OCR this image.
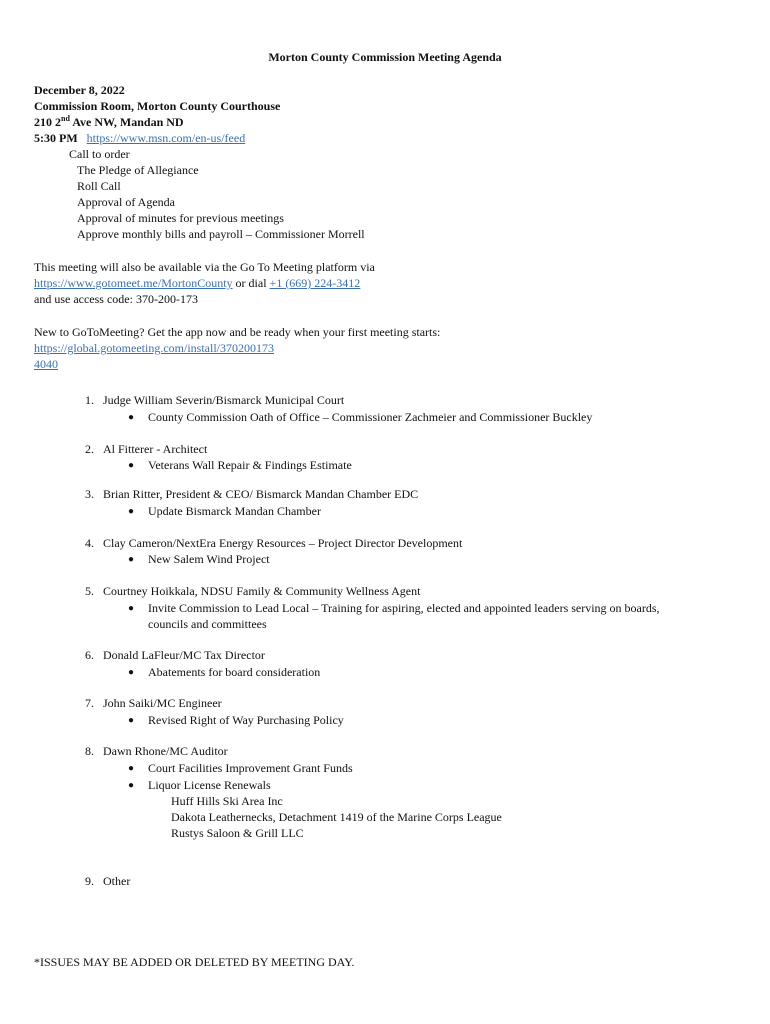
Morton County Commission Meeting Agenda
December 8, 2022
Commission Room, Morton County Courthouse
210 2nd Ave NW, Mandan ND
5:30 PM https://www.msn.com/en-us/feed
Call to order
The Pledge of Allegiance
Roll Call
Approval of Agenda
Approval of minutes for previous meetings
Approve monthly bills and payroll – Commissioner Morrell
This meeting will also be available via the Go To Meeting platform via
https://www.gotomeet.me/MortonCounty or dial +1 (669) 224-3412
and use access code: 370-200-173
New to GoToMeeting? Get the app now and be ready when your first meeting starts:
https://global.gotomeeting.com/install/370200173
4040
1. Judge William Severin/Bismarck Municipal Court
● County Commission Oath of Office – Commissioner Zachmeier and Commissioner Buckley
2. Al Fitterer - Architect
● Veterans Wall Repair & Findings Estimate
3. Brian Ritter, President & CEO/ Bismarck Mandan Chamber EDC
● Update Bismarck Mandan Chamber
4. Clay Cameron/NextEra Energy Resources – Project Director Development
● New Salem Wind Project
5. Courtney Hoikkala, NDSU Family & Community Wellness Agent
● Invite Commission to Lead Local – Training for aspiring, elected and appointed leaders serving on boards,
councils and committees
6. Donald LaFleur/MC Tax Director
● Abatements for board consideration
7. John Saiki/MC Engineer
● Revised Right of Way Purchasing Policy
8. Dawn Rhone/MC Auditor
● Court Facilities Improvement Grant Funds
● Liquor License Renewals
Huff Hills Ski Area Inc
Dakota Leathernecks, Detachment 1419 of the Marine Corps League
Rustys Saloon & Grill LLC
9. Other
*ISSUES MAY BE ADDED OR DELETED BY MEETING DAY.
